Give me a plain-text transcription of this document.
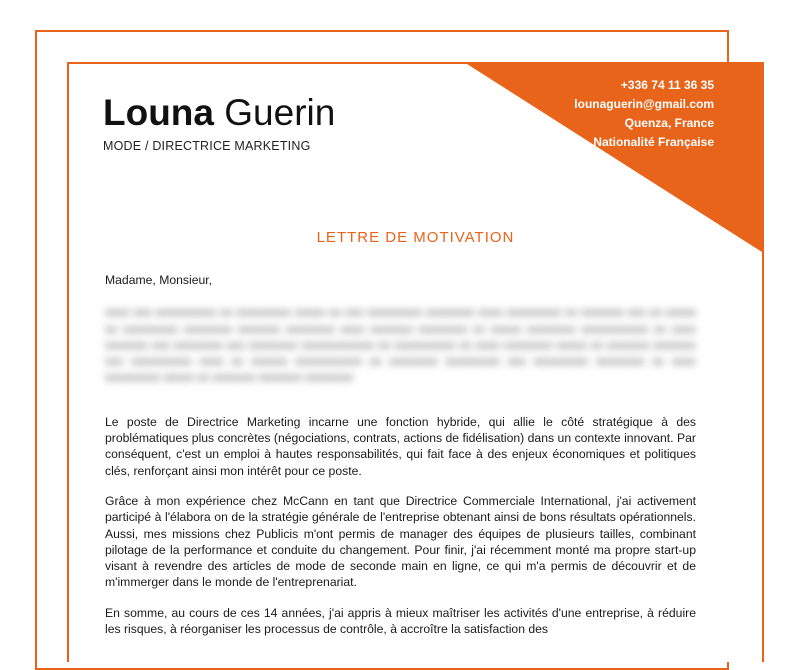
+336 74 11 36 35
lounaguerin@gmail.com
Quenza, France
Nationalité Française
Louna Guerin
MODE / DIRECTRICE MARKETING
LETTRE DE MOTIVATION

Madame, Monsieur,

xxxx xxx xxxxxxxxxx xx xxxxxxxxx xxxxx xx xxx xxxxxxxxx xxxxxxxx xxxx xxxxxxxxx xx xxxxxxx xxx xx xxxxx xx xxxxxxxxx xxxxxxxx xxxxxxx xxxxxxxx xxxx xxxxxxx xxxxxxxx xx xxxxx xxxxxxxx xxxxxxxxxxx xx xxxx xxxxxxx xxx xxxxxxxx xxx xxxxxxxx xxxxxxxxxxxx xx xxxxxxxxxx xx xxxx xxxxxxxx xxxxx xx xxxxxxx xxxxxxx xxx xxxxxxxxxx xxxx xx xxxxxx xxxxxxxxxxx xx xxxxxxxx xxxxxxxxx xxx xxxxxxxxx xxxxxxxx xx xxxx xxxxxxxxx xxxxx xx xxxxxxx xxxxxxx xxxxxxxx

Le poste de Directrice Marketing incarne une fonction hybride, qui allie le côté stratégique à des problématiques plus concrètes (négociations, contrats, actions de fidélisation) dans un contexte innovant. Par conséquent, c'est un emploi à hautes responsabilités, qui fait face à des enjeux économiques et politiques clés, renforçant ainsi mon intérêt pour ce poste.

Grâce à mon expérience chez McCann en tant que Directrice Commerciale International, j'ai activement participé à l'élabora on de la stratégie générale de l'entreprise obtenant ainsi de bons résultats opérationnels. Aussi, mes missions chez Publicis m'ont permis de manager des équipes de plusieurs tailles, combinant pilotage de la performance et conduite du changement. Pour finir, j'ai récemment monté ma propre start-up visant à revendre des articles de mode de seconde main en ligne, ce qui m'a permis de découvrir et de m'immerger dans le monde de l'entreprenariat.

En somme, au cours de ces 14 années, j'ai appris à mieux maîtriser les activités d'une entreprise, à réduire les risques, à réorganiser les processus de contrôle, à accroître la satisfaction des
